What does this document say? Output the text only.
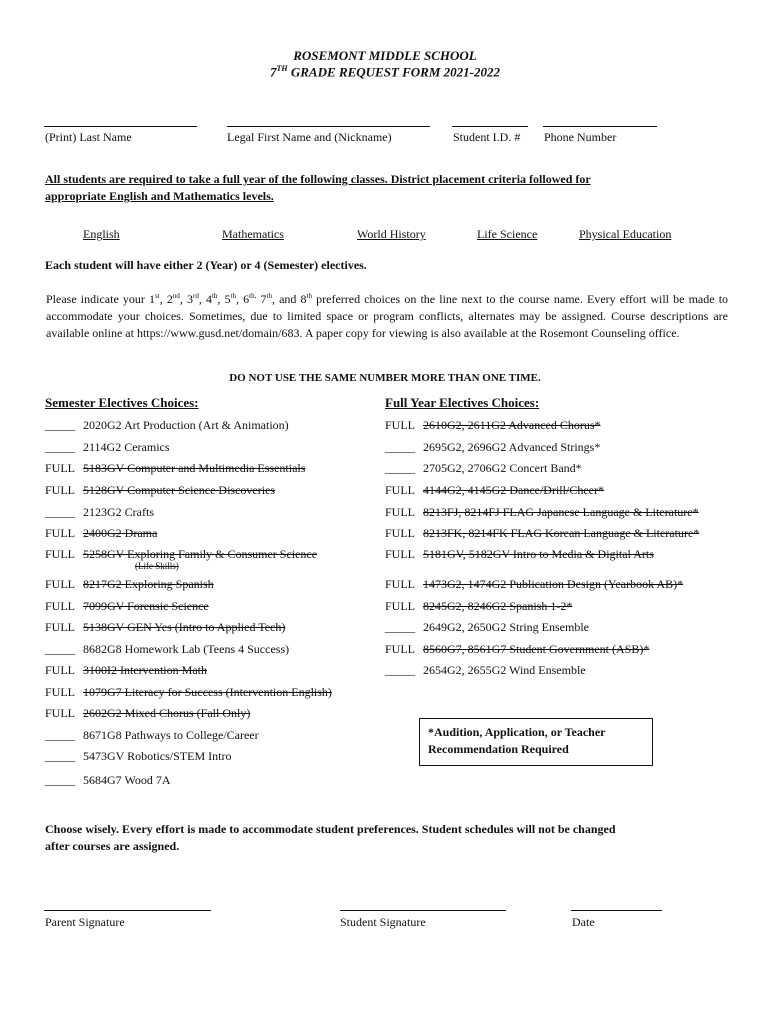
ROSEMONT MIDDLE SCHOOL
7TH GRADE REQUEST FORM 2021-2022
(Print) Last Name	Legal First Name and (Nickname)	Student I.D. # Phone Number
All students are required to take a full year of the following classes. District placement criteria followed for
appropriate English and Mathematics levels.
English	Mathematics	World History	Life Science	Physical Education
Each student will have either 2 (Year) or 4 (Semester) electives.
Please indicate your 1st, 2nd, 3rd, 4th, 5th, $6^{th,}$ 7th, and 8th preferred choices on the line next to the course name. Every effort will be made to accommodate your choices. Sometimes, due to limited space or program conflicts, alternates may be assigned. Course descriptions are available online at https://www.gusd.net/domain/683. A paper copy for viewing is also available at the Rosemont Counseling office.
DO NOT USE THE SAME NUMBER MORE THAN ONE TIME.
Semester Electives Choices:	Full Year Electives Choices:
_____ 2020G2 Art Production (Art & Animation)
_____ 2114G2 Ceramics
FULL 5183GV Computer and Multimedia Essentials
FULL 5128GV Computer Science Discoveries
_____ 2123G2 Crafts
FULL 2400G2 Drama
FULL 5258GV Exploring Family & Consumer Science
(Life Skills)
FULL 8217G2 Exploring Spanish
FULL 7099GV Forensic Science
FULL 5138GV GEN Yes (Intro to Applied Tech)
_____ 8682G8 Homework Lab (Teens 4 Success)
FULL 3100I2 Intervention Math
FULL 1079G7 Literacy for Success (Intervention English)
FULL 2602G2 Mixed Chorus (Fall Only)
_____ 8671G8 Pathways to College/Career
_____ 5473GV Robotics/STEM Intro
_____ 5684G7 Wood 7A
FULL 2610G2, 2611G2 Advanced Chorus*
_____ 2695G2, 2696G2 Advanced Strings*
_____ 2705G2, 2706G2 Concert Band*
FULL 4144G2, 4145G2 Dance/Drill/Cheer*
FULL 8213FJ, 8214FJ FLAG Japanese Language & Literature*
FULL 8213FK, 8214FK FLAG Korean Language & Literature*
FULL 5181GV, 5182GV Intro to Media & Digital Arts
FULL 1473G2, 1474G2 Publication Design (Yearbook AB)*
FULL 8245G2, 8246G2 Spanish 1-2*
_____ 2649G2, 2650G2 String Ensemble
FULL 8560G7, 8561G7 Student Government (ASB)*
_____ 2654G2, 2655G2 Wind Ensemble
*Audition, Application, or Teacher Recommendation Required
Choose wisely. Every effort is made to accommodate student preferences. Student schedules will not be changed
after courses are assigned.
Parent Signature	Student Signature	Date
